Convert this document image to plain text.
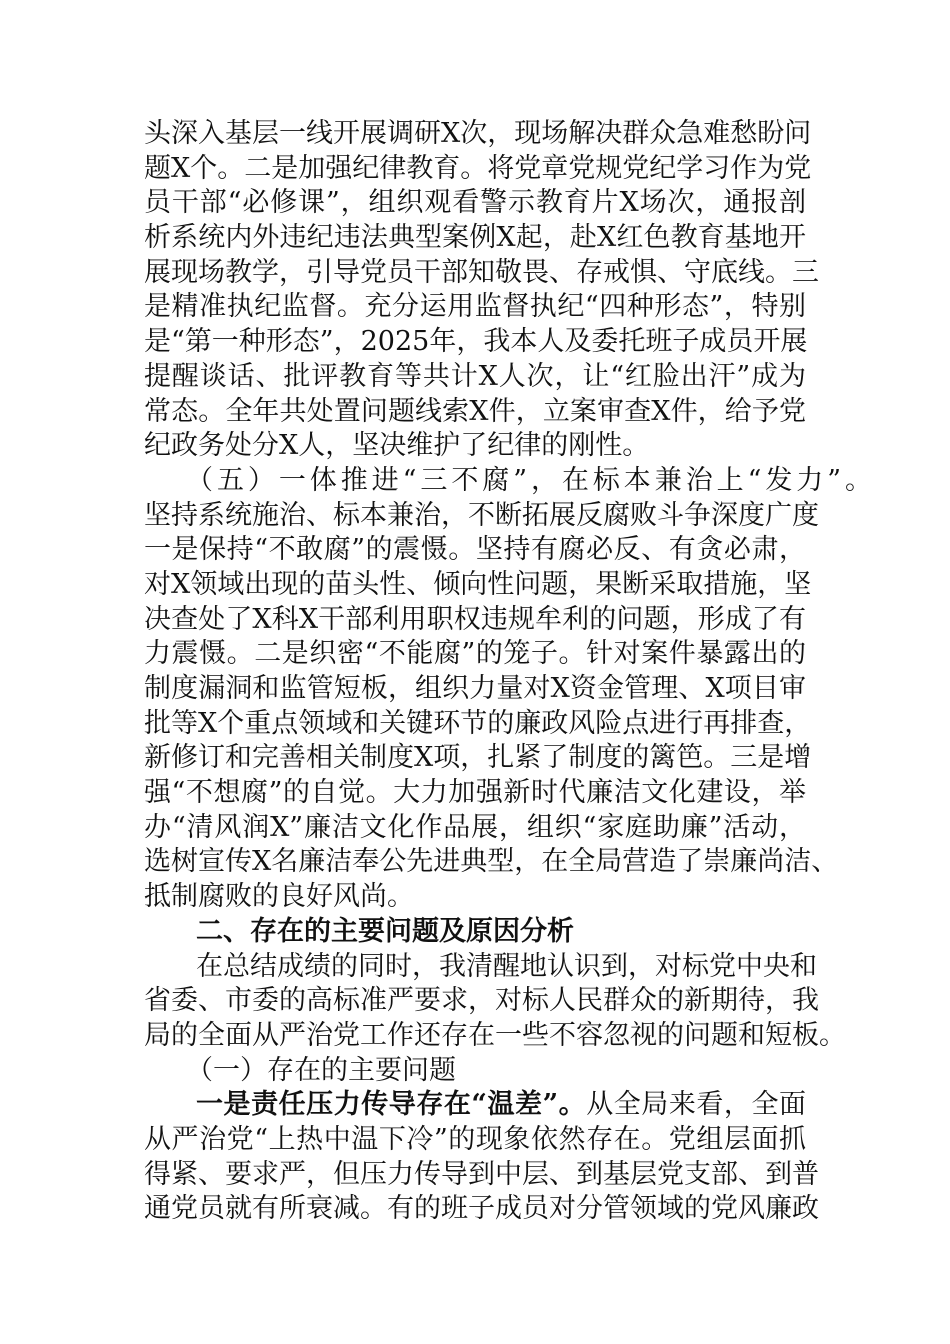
头深入基层一线开展调研X次，现场解决群众急难愁盼问
题X个。二是加强纪律教育。将党章党规党纪学习作为党
员干部“必修课”，组织观看警示教育片X场次，通报剖
析系统内外违纪违法典型案例X起，赴X红色教育基地开
展现场教学，引导党员干部知敬畏、存戒惧、守底线。三
是精准执纪监督。充分运用监督执纪“四种形态”，特别
是“第一种形态”，2025年，我本人及委托班子成员开展
提醒谈话、批评教育等共计X人次，让“红脸出汗”成为
常态。全年共处置问题线索X件，立案审查X件，给予党
纪政务处分X人，坚决维护了纪律的刚性。
（五）一体推进“三不腐”，在标本兼治上“发力”。
坚持系统施治、标本兼治，不断拓展反腐败斗争深度广度
一是保持“不敢腐”的震慑。坚持有腐必反、有贪必肃，
对X领域出现的苗头性、倾向性问题，果断采取措施，坚
决查处了X科X干部利用职权违规牟利的问题，形成了有
力震慑。二是织密“不能腐”的笼子。针对案件暴露出的
制度漏洞和监管短板，组织力量对X资金管理、X项目审
批等X个重点领域和关键环节的廉政风险点进行再排查，
新修订和完善相关制度X项，扎紧了制度的篱笆。三是增
强“不想腐”的自觉。大力加强新时代廉洁文化建设，举
办“清风润X”廉洁文化作品展，组织“家庭助廉”活动，
选树宣传X名廉洁奉公先进典型，在全局营造了崇廉尚洁、
抵制腐败的良好风尚。
二、存在的主要问题及原因分析
在总结成绩的同时，我清醒地认识到，对标党中央和
省委、市委的高标准严要求，对标人民群众的新期待，我
局的全面从严治党工作还存在一些不容忽视的问题和短板。
（一）存在的主要问题
一是责任压力传导存在“温差”。从全局来看，全面
从严治党“上热中温下冷”的现象依然存在。党组层面抓
得紧、要求严，但压力传导到中层、到基层党支部、到普
通党员就有所衰减。有的班子成员对分管领域的党风廉政
